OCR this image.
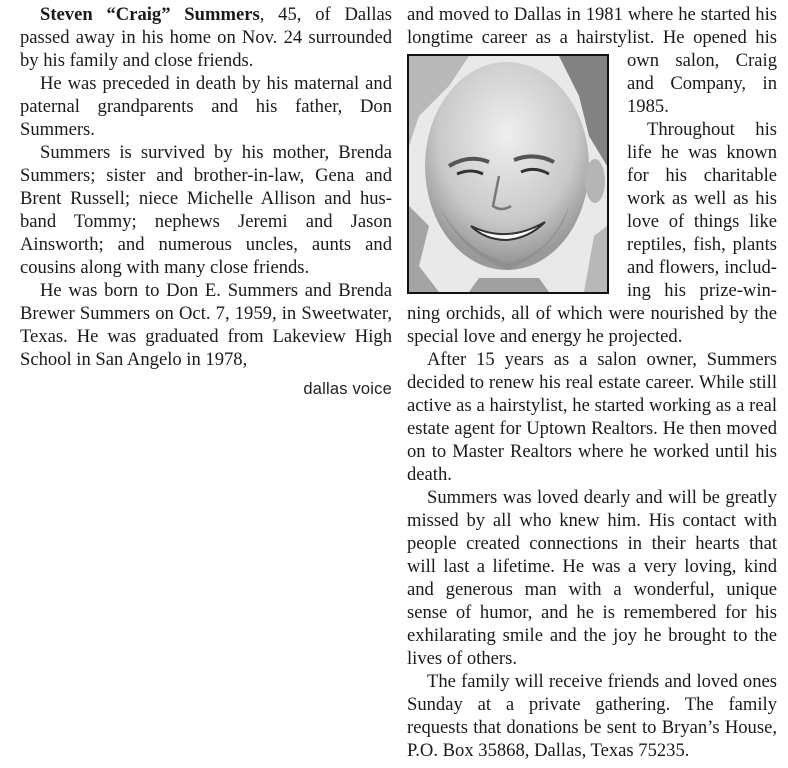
Steven “Craig” Summers, 45, of Dallas passed away in his home on Nov. 24 surrounded by his family and close friends.

He was preceded in death by his maternal and paternal grandparents and his father, Don Summers.

Summers is survived by his mother, Brenda Summers; sister and brother-in-law, Gena and Brent Russell; niece Michelle Allison and husband Tommy; nephews Jeremi and Jason Ainsworth; and numerous uncles, aunts and cousins along with many close friends.

He was born to Don E. Summers and Brenda Brewer Summers on Oct. 7, 1959, in Sweetwater, Texas. He was graduated from Lakeview High School in San Angelo in 1978,

dallas voice

and moved to Dallas in 1981 where he started his longtime career as a hairstylist. He opened his

own salon, Craig and Company, in 1985.

Throughout his life he was known for his charitable work as well as his love of things like reptiles, fish, plants and flowers, including his prize-winning orchids, all of which were nourished by the special love and energy he projected.

After 15 years as a salon owner, Summers decided to renew his real estate career. While still active as a hairstylist, he started working as a real estate agent for Uptown Realtors. He then moved on to Master Realtors where he worked until his death.

Summers was loved dearly and will be greatly missed by all who knew him. His contact with people created connections in their hearts that will last a lifetime. He was a very loving, kind and generous man with a wonderful, unique sense of humor, and he is remembered for his exhilarating smile and the joy he brought to the lives of others.

The family will receive friends and loved ones Sunday at a private gathering. The family requests that donations be sent to Bryan’s House, P.O. Box 35868, Dallas, Texas 75235.
